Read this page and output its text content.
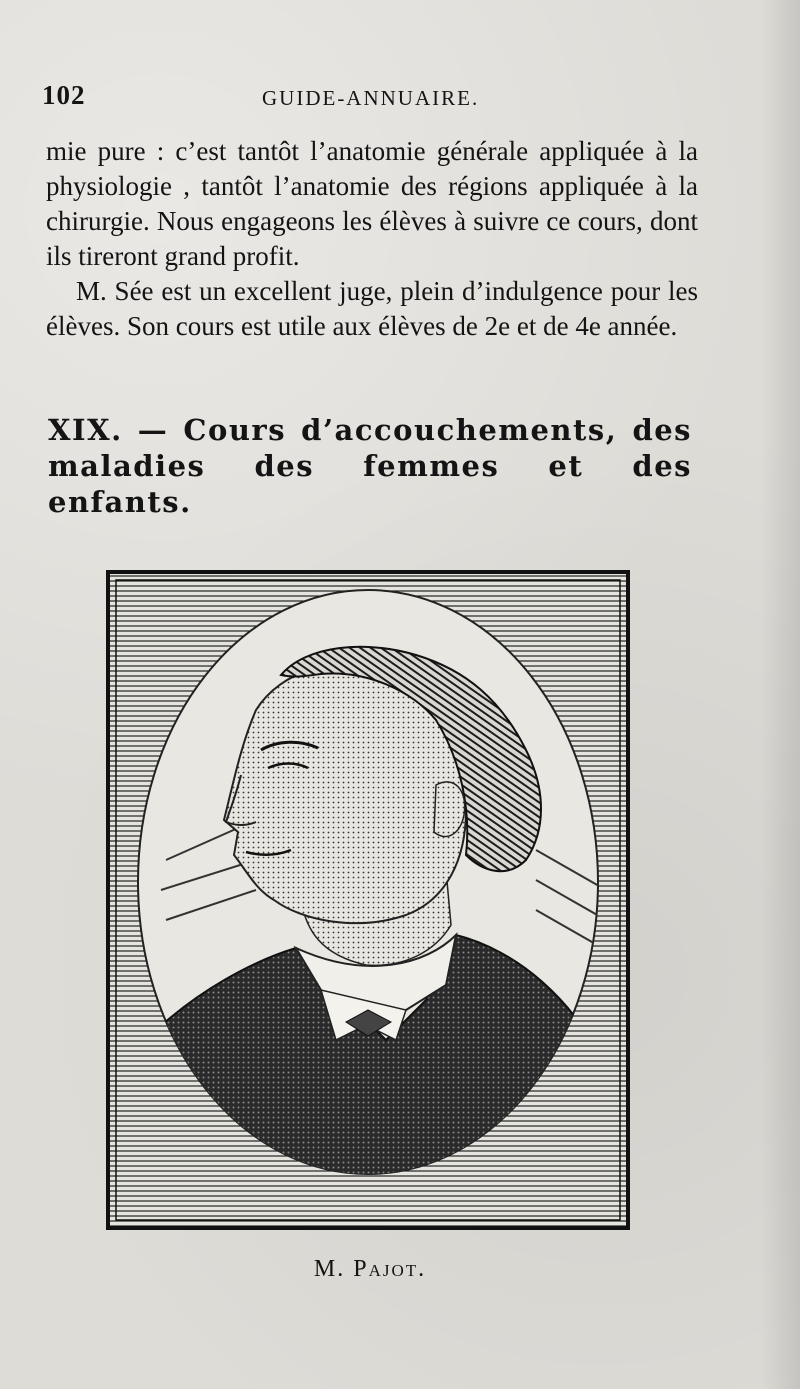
102	GUIDE-ANNUAIRE.

mie pure : c’est tantôt l’anatomie générale appliquée à la physiologie , tantôt l’anatomie des régions appliquée à la chirurgie. Nous engageons les élèves à suivre ce cours, dont ils tireront grand profit.

M. Sée est un excellent juge, plein d’indulgence pour les élèves. Son cours est utile aux élèves de 2e et de 4e année.

XIX. — Cours d’accouchements, des maladies des femmes et des enfants.
M. Pajot.
